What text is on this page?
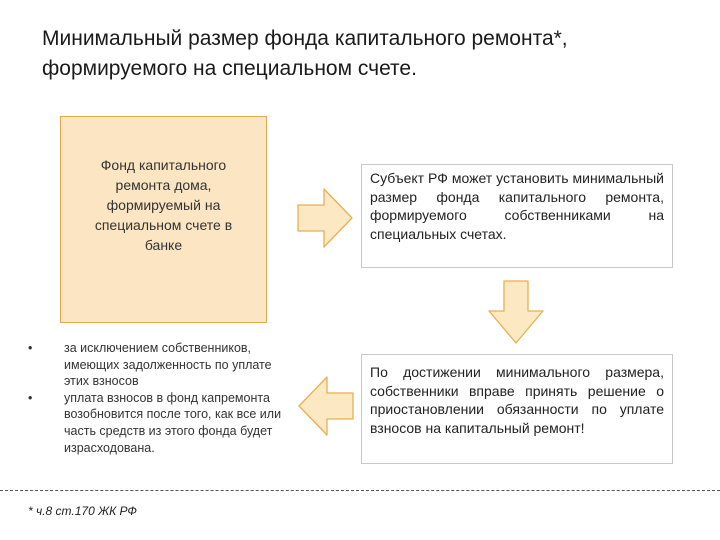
Минимальный размер фонда капитального ремонта*,
формируемого на специальном счете.
Фонд капитального ремонта дома, формируемый на специальном счете в банке
Субъект РФ может установить минимальный размер фонда капитального ремонта, формируемого собственниками на специальных счетах.
По достижении минимального размера, собственники вправе принять решение о приостановлении обязанности по уплате взносов на капитальный ремонт!
•	за исключением собственников, имеющих задолженность по уплате этих взносов
•	уплата взносов в фонд капремонта возобновится после того, как все или часть средств из этого фонда будет израсходована.
* ч.8 ст.170 ЖК РФ
